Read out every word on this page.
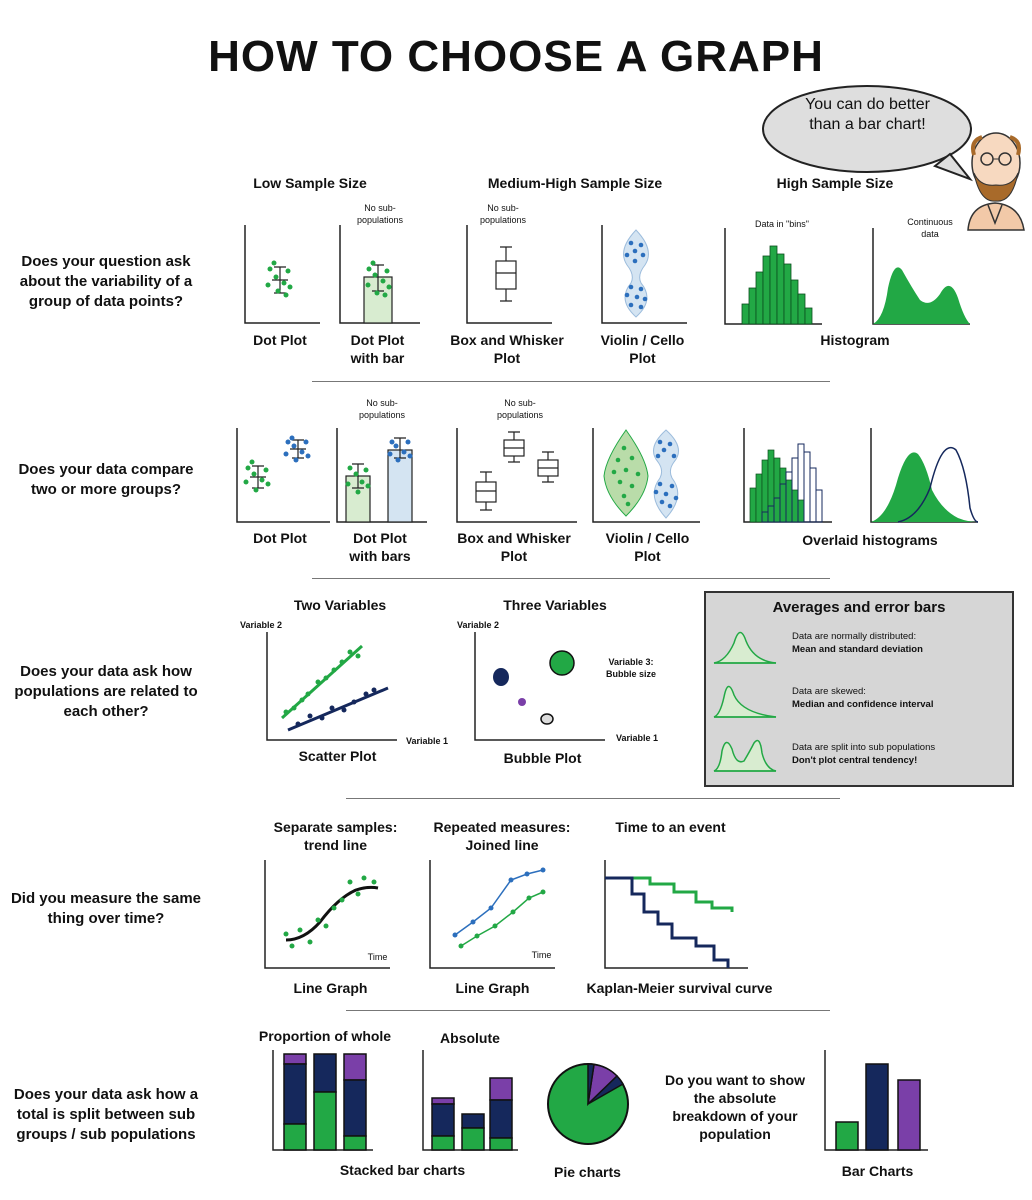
HOW TO CHOOSE A GRAPH
You can do better than a bar chart!
Low Sample Size	Medium-High Sample Size	High Sample Size
Does your question ask about the variability of a group of data points?
No sub-populations
No sub-populations	Data in "bins"	Continuous data
Dot Plot	Dot Plot with bar
Box and Whisker Plot
Violin / Cello Plot
Histogram
Does your data compare two or more groups?
No sub-populations
No sub-populations
Dot Plot	Dot Plot with bars
Box and Whisker Plot
Violin / Cello Plot
Overlaid histograms
Does your data ask how populations are related to each other?
Two Variables	Three Variables
Variable 2	Variable 2
Variable 1	Variable 1
Variable 3: Bubble size
Scatter Plot	Bubble Plot
Averages and error bars
Data are normally distributed:
Mean and standard deviation
Data are skewed:
Median and confidence interval
Data are split into sub populations
Don't plot central tendency!
Did you measure the same thing over time?
Separate samples: trend line
Repeated measures: Joined line
Time to an event
Time	Time
Line Graph	Line Graph	Kaplan-Meier survival curve
Does your data ask how a total is split between sub groups / sub populations
Proportion of whole	Absolute
Do you want to show the absolute breakdown of your population
Stacked bar charts	Pie charts	Bar Charts
